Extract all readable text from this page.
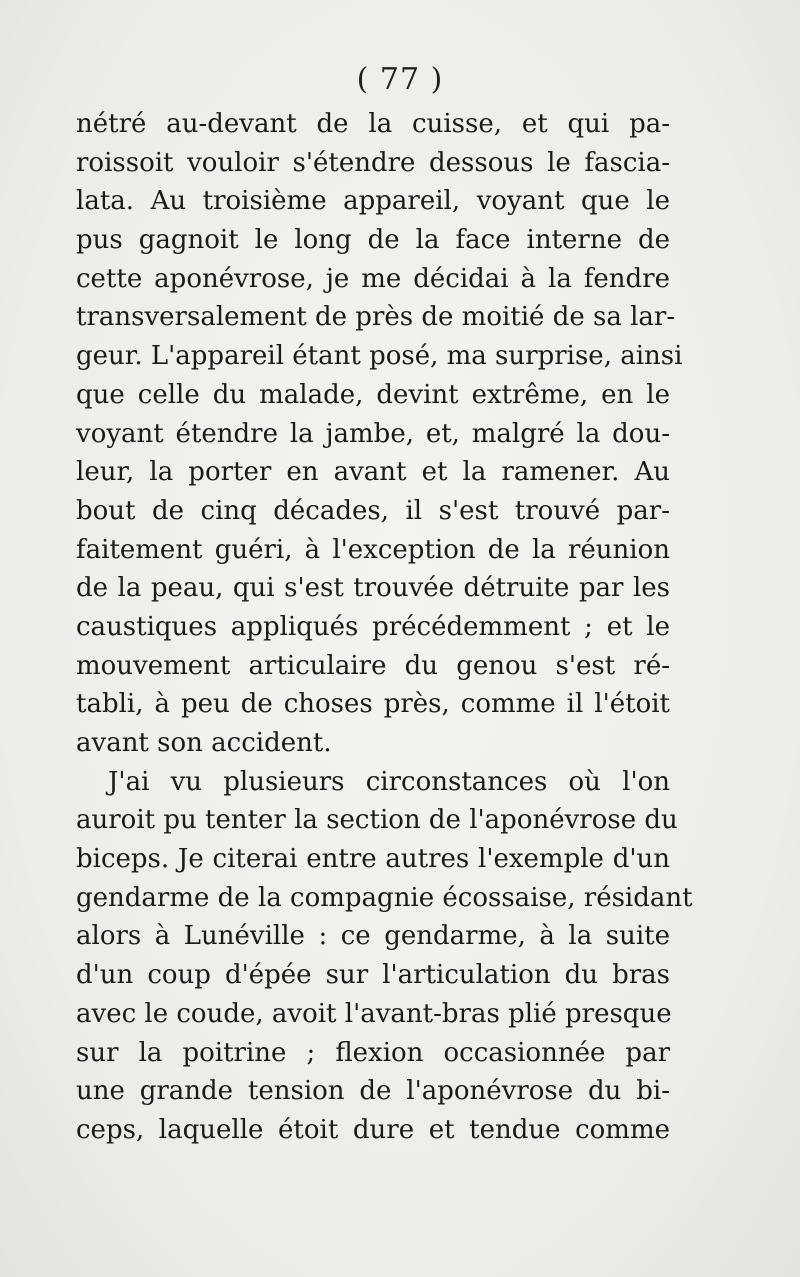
( 77 )
nétré au-devant de la cuisse, et qui pa-
roissoit vouloir s'étendre dessous le fascia-
lata. Au troisième appareil, voyant que le
pus gagnoit le long de la face interne de
cette aponévrose, je me décidai à la fendre
transversalement de près de moitié de sa lar-
geur. L'appareil étant posé, ma surprise, ainsi
que celle du malade, devint extrême, en le
voyant étendre la jambe, et, malgré la dou-
leur, la porter en avant et la ramener. Au
bout de cinq décades, il s'est trouvé par-
faitement guéri, à l'exception de la réunion
de la peau, qui s'est trouvée détruite par les
caustiques appliqués précédemment ; et le
mouvement articulaire du genou s'est ré-
tabli, à peu de choses près, comme il l'étoit
avant son accident.
J'ai vu plusieurs circonstances où l'on
auroit pu tenter la section de l'aponévrose du
biceps. Je citerai entre autres l'exemple d'un
gendarme de la compagnie écossaise, résidant
alors à Lunéville : ce gendarme, à la suite
d'un coup d'épée sur l'articulation du bras
avec le coude, avoit l'avant-bras plié presque
sur la poitrine ; flexion occasionnée par
une grande tension de l'aponévrose du bi-
ceps, laquelle étoit dure et tendue comme
